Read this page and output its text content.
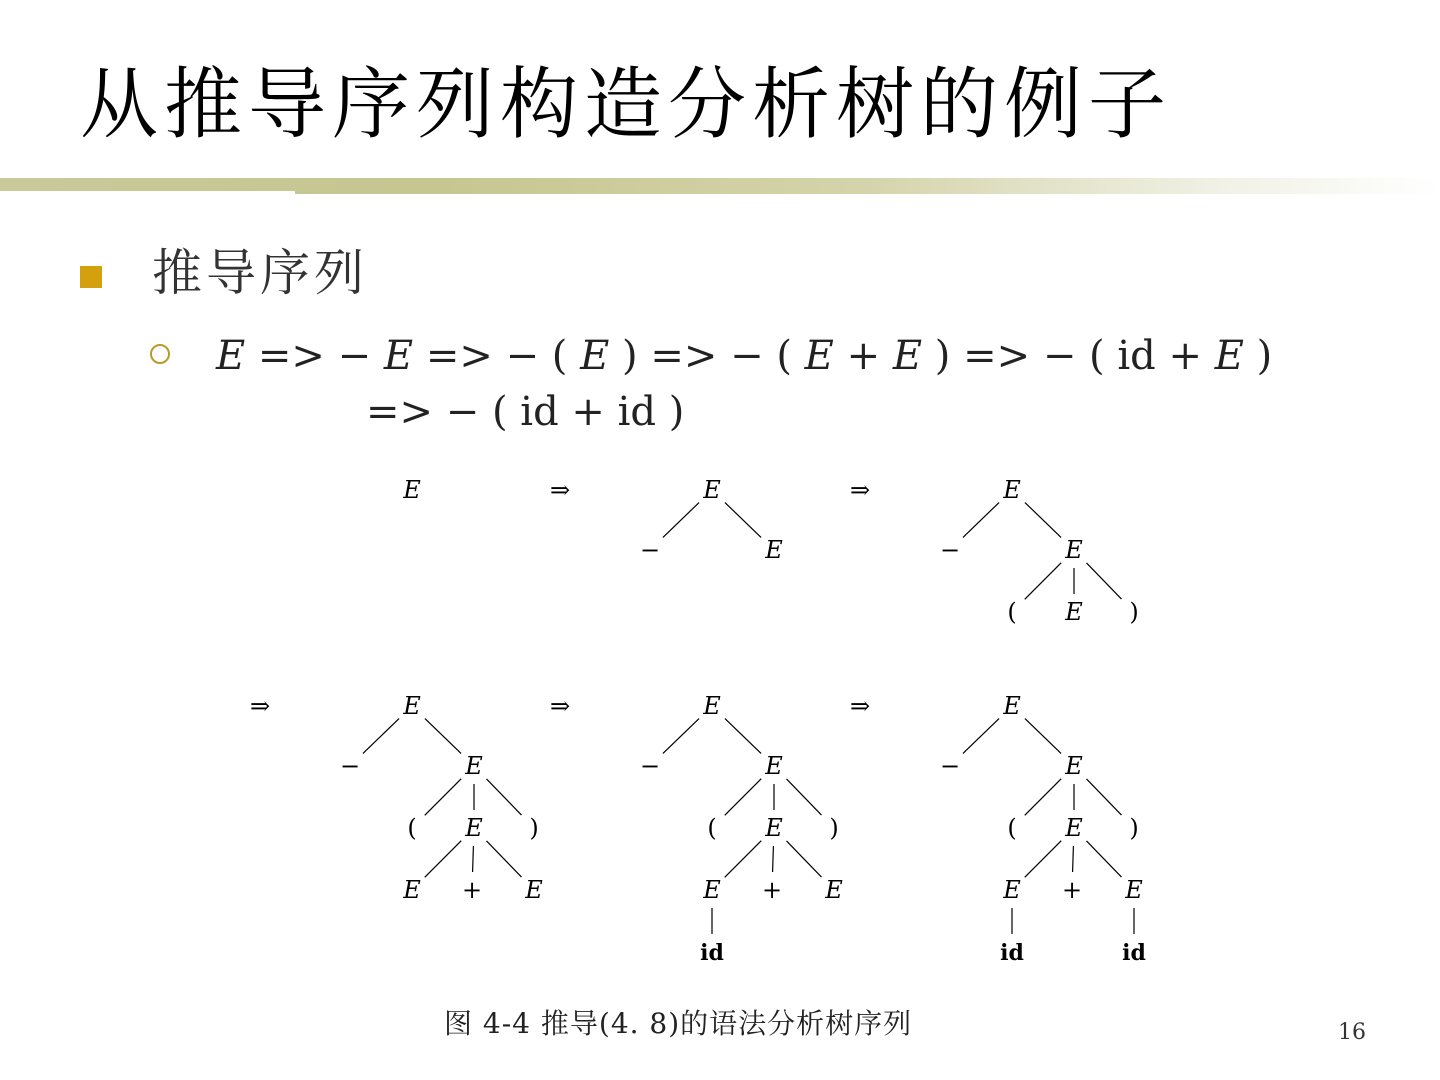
从推导序列构造分析树的例子
推导序列
E => − E => − ( E ) => − ( E + E ) => − ( id + E )
=> − ( id + id )
E	E
−	E
E
−	E
( E )
E
−	E
( E )
E + E
E
−	E
( E )
E + E
id
E
−	E
( E )
E + E
id	id
⇒	⇒
⇒	⇒	⇒
图 4-4 推导(4. 8)的语法分析树序列	16
